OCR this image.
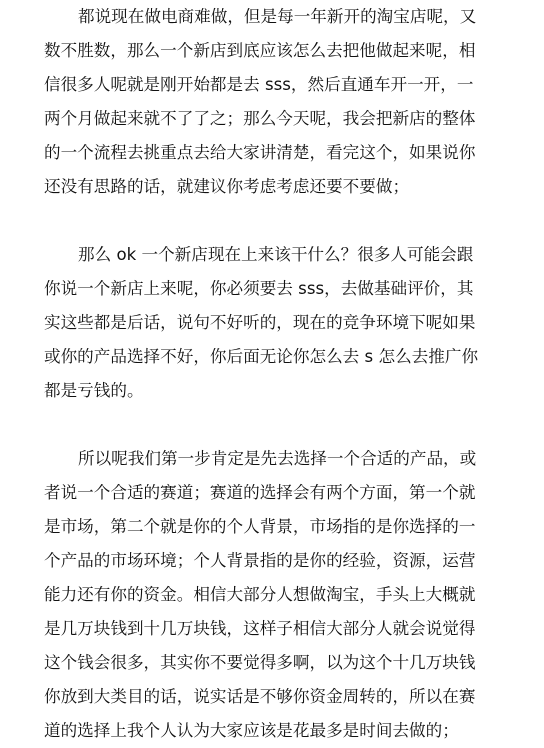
都说现在做电商难做，但是每一年新开的淘宝店呢，又
数不胜数，那么一个新店到底应该怎么去把他做起来呢，相
信很多人呢就是刚开始都是去 sss，然后直通车开一开，一
两个月做起来就不了了之；那么今天呢，我会把新店的整体
的一个流程去挑重点去给大家讲清楚，看完这个，如果说你
还没有思路的话，就建议你考虑考虑还要不要做；
那么 ok 一个新店现在上来该干什么？很多人可能会跟
你说一个新店上来呢，你必须要去 sss，去做基础评价，其
实这些都是后话，说句不好听的，现在的竞争环境下呢如果
或你的产品选择不好，你后面无论你怎么去 s 怎么去推广你
都是亏钱的。
所以呢我们第一步肯定是先去选择一个合适的产品，或
者说一个合适的赛道；赛道的选择会有两个方面，第一个就
是市场，第二个就是你的个人背景，市场指的是你选择的一
个产品的市场环境；个人背景指的是你的经验，资源，运营
能力还有你的资金。相信大部分人想做淘宝，手头上大概就
是几万块钱到十几万块钱，这样子相信大部分人就会说觉得
这个钱会很多，其实你不要觉得多啊，以为这个十几万块钱
你放到大类目的话，说实话是不够你资金周转的，所以在赛
道的选择上我个人认为大家应该是花最多是时间去做的；
